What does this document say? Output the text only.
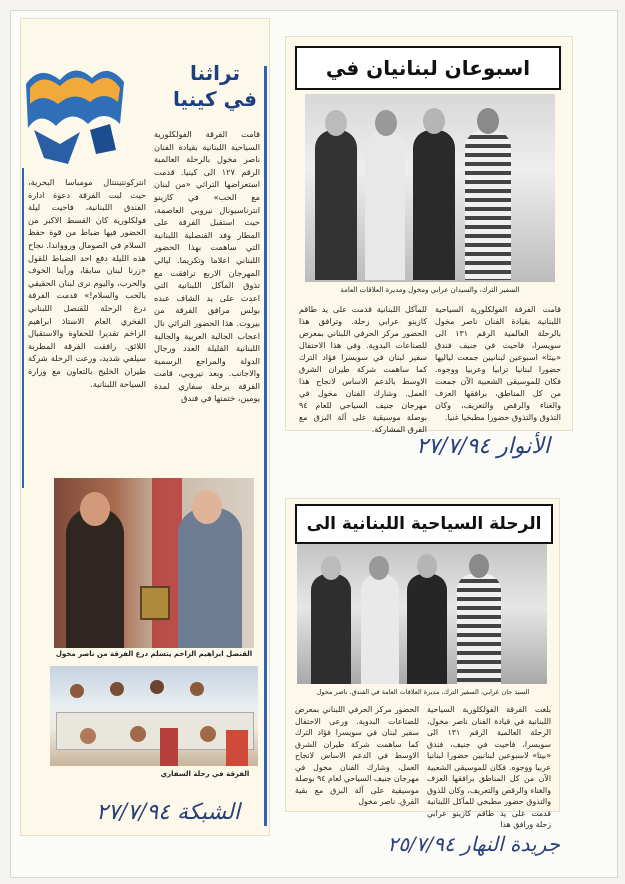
تراثنا
في كينيا
قامت الفرقة الفولكلورية السياحية اللبنانية بقيادة الفنان ناصر مخول بالرحلة العالمية الرقم ١٢٧ الى كينيا. قدمت استعراضها التراثي «من لبنان مع الحب» في كازينو انترناسيونال نيروبي العاصمة، حيث استقبل الفرقة على المطار وفد القنصلية اللبنانية التي ساهمت بهذا الحضور اللبناني اعلاما وتكريما. ليالي المهرجان الاربع ترافقت مع تذوق المآكل اللبنانية التي اعدت على يد الشاف عبده بولس مرافق الفرقة من بيروت. هذا الحضور التراثي نال اعجاب الجالية العربية والجالية اللبنانية القليلة العدد ورجال الدولة والمراجع الرسمية والاجانب. وبعد نيروبي، قامت الفرقة برحلة سفاري لمدة يومين، ختمتها في فندق
انتركونتيننتال مومباسا البحرية، حيث لبت الفرقة دعوة ادارة الفندق اللبنانية، فاحيت ليلة فولكلورية كان القسط الاكبر من الحضور فيها ضباط من قوة حفظ السلام في الصومال وروواندا. نجاح هذه الليلة دفع احد الضباط للقول «زرنا لبنان سابقا، ورأينا الخوف والحرب، واليوم نرى لبنان الحقيقي بالحب والسلام!» قدمت الفرقة درع الرحلة للقنصل اللبناني الفخري العام الاستاذ ابراهيم الزاخم تقديرا للحفاوة والاستقبال اللائق. رافقت الفرقة المطربة سيلفي شديد، ورعت الرحلة شركة طيران الخليج بالتعاون مع وزارة السياحة اللبنانية.
القنصل ابراهيم الزاخم يتسلم درع الفرقة من ناصر مخول
الفرقة في رحلة السفاري
الشبكة ٢٧/٧/٩٤
اسبوعان لبنانيان في
السفير الترك، والسيدان عرابي ومخول ومديرة العلاقات العامة
قامت الفرقة الفولكلورية السياحية اللبنانية بقيادة الفنان ناصر مخول بالرحلة العالمية الرقم ١٣١ الى سويسرا، فاحيت في جنيف فندق «بيتا» اسبوعين لبنانيين جمعت لياليها حضورا لبنانيا ترابيا وعربيا ووجوه. فكان للموسيقى الشعبية الآن جمعت من كل المناطق، برافقها العزف والغناء والرقص والتعريف، وكان التذوق والتذوق حضورا مطبخيا غنيا.
للمآكل اللبنانية قدمت على يد طاقم كازينو عرابي زحلة. وترافق هذا الحضور مركز الحرفي اللبناني بمعرض للصناعات البدوية. وفي هذا الاحتفال سفير لبنان في سويسرا فؤاد الترك كما ساهمت شركة طيران الشرق الاوسط بالدعم الاساس لانجاح هذا العمل. وشارك الفنان مخول في مهرجان جنيف السياحي للعام ٩٤ بوصلة موسيقية على آلة البزق مع الفرق المشاركة.
الأنوار ٢٧/٧/٩٤
الرحلة السياحية اللبنانية الى
السيد جان عرابي، السفير الترك، مديرة العلاقات العامة في الفندق، ناصر مخول
بلغت الفرقة الفولكلورية السياحية اللبنانية في قيادة الفنان ناصر مخول، الرحلة العالمية الرقم ١٣١ الى سويسرا، فاحيت في جنيف، فندق «بيتا» لاسبوعين لبنانيين حضورا لبنانيا عربيا ووجوه. فكان للموسيقى الشعبية الآن من كل المناطق برافقها العزف والغناء والرقص والتعريف، وكان للذوق والتذوق حضور مطبخي للمآكل اللبنانية قدمت على يد طاقم كازينو عرابي زحلة ورافق هذا
الحضور مركز الحرفي اللبناني بمعرض للصناعات البدوية. ورعى الاحتفال سفير لبنان في سويسرا فؤاد الترك كما ساهمت شركة طيران الشرق الاوسط في الدعم الاساس لانجاح العمل، وشارك الفنان مخول في مهرجان جنيف السياحي لعام ٩٤ بوصلة موسيقية على آلة البزق مع بقية الفرق. ناصر مخول
جريدة النهار ٢٥/٧/٩٤
